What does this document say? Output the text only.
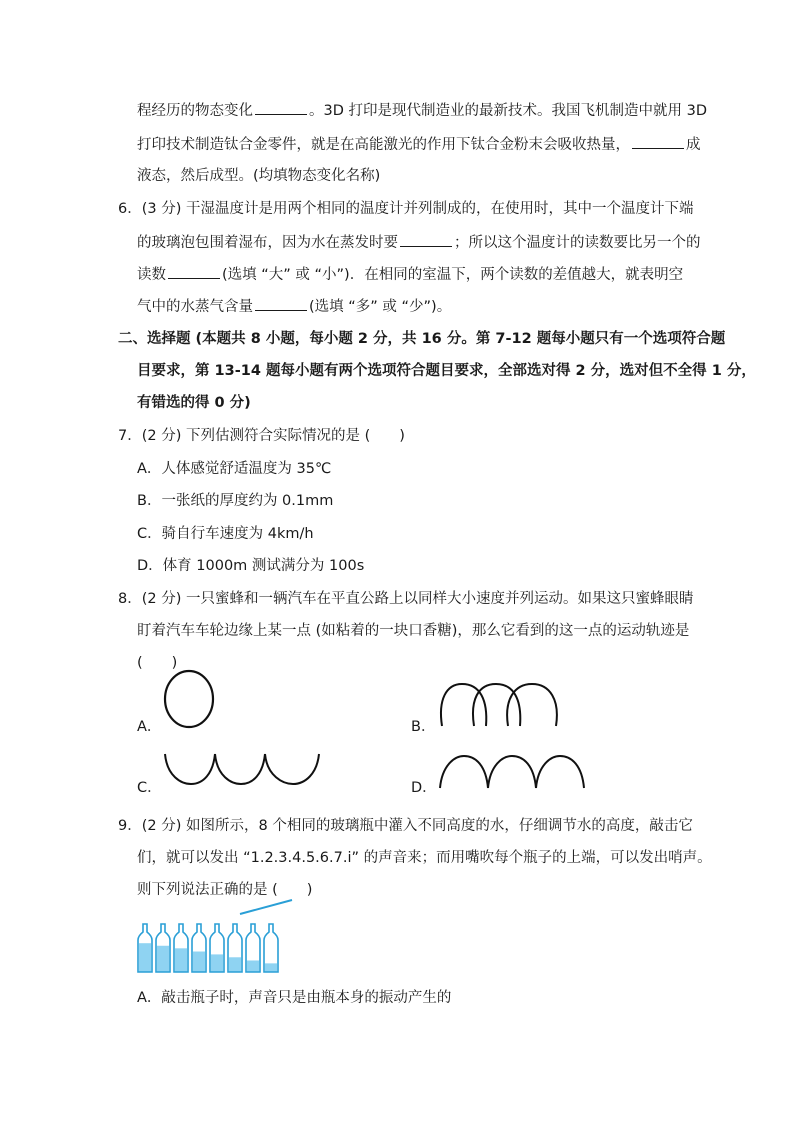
程经历的物态变化	。3D 打印是现代制造业的最新技术。我国飞机制造中就用 3D
打印技术制造钛合金零件，就是在高能激光的作用下钛合金粉末会吸收热量，	成
液态，然后成型。(均填物态变化名称)
6．(3 分) 干湿温度计是用两个相同的温度计并列制成的，在使用时，其中一个温度计下端
的玻璃泡包围着湿布，因为水在蒸发时要	；所以这个温度计的读数要比另一个的
读数	(选填 “大” 或 “小”)．在相同的室温下，两个读数的差值越大，就表明空
气中的水蒸气含量	(选填 “多” 或 “少”)。
二、选择题 (本题共 8 小题，每小题 2 分，共 16 分。第 7-12 题每小题只有一个选项符合题
目要求，第 13-14 题每小题有两个选项符合题目要求，全部选对得 2 分，选对但不全得 1 分，
有错选的得 0 分)
7．(2 分) 下列估测符合实际情况的是 (　　)
A．人体感觉舒适温度为 35℃
B．一张纸的厚度约为 0.1mm
C．骑自行车速度为 4km/h
D．体育 1000m 测试满分为 100s
8．(2 分) 一只蜜蜂和一辆汽车在平直公路上以同样大小速度并列运动。如果这只蜜蜂眼睛
盯着汽车车轮边缘上某一点 (如粘着的一块口香糖)，那么它看到的这一点的运动轨迹是
(　　)
A．	B．
C．	D．
9．(2 分) 如图所示，8 个相同的玻璃瓶中灌入不同高度的水，仔细调节水的高度，敲击它
们，就可以发出 “1.2.3.4.5.6.7.i” 的声音来；而用嘴吹每个瓶子的上端，可以发出哨声。
则下列说法正确的是 (　　)
A．敲击瓶子时，声音只是由瓶本身的振动产生的
